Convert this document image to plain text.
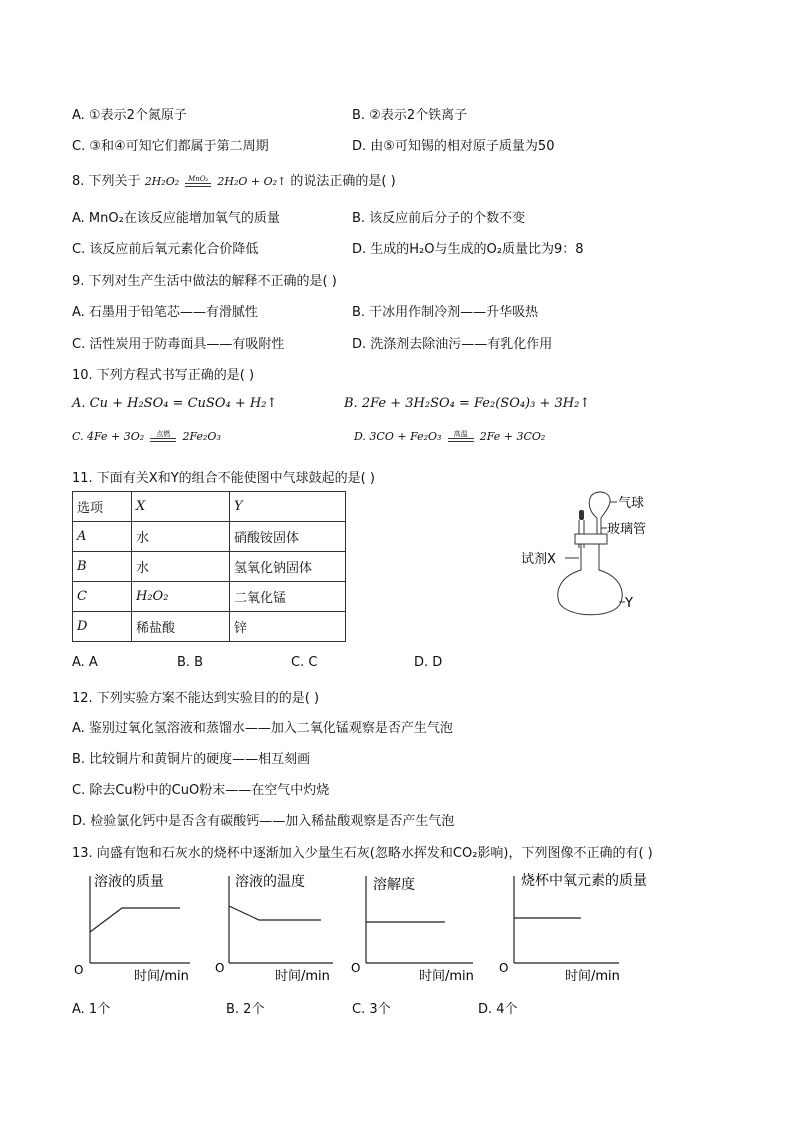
A. ①表示2个氮原子	B. ②表示2个铁离子
C. ③和④可知它们都属于第二周期	D. 由⑤可知锡的相对原子质量为50
8. 下列关于 2H₂O₂ MnO₂ 2H₂O + O₂↑ 的说法正确的是( )
A. MnO₂在该反应能增加氧气的质量	B. 该反应前后分子的个数不变
C. 该反应前后氧元素化合价降低	D. 生成的H₂O与生成的O₂质量比为9：8
9. 下列对生产生活中做法的解释不正确的是( )
A. 石墨用于铅笔芯——有滑腻性	B. 干冰用作制冷剂——升华吸热
C. 活性炭用于防毒面具——有吸附性	D. 洗涤剂去除油污——有乳化作用
10. 下列方程式书写正确的是( )
A. Cu + H₂SO₄ = CuSO₄ + H₂↑	B. 2Fe + 3H₂SO₄ = Fe₂(SO₄)₃ + 3H₂↑
C. 4Fe + 3O₂ 点燃 2Fe₂O₃	D. 3CO + Fe₂O₃ 高温 2Fe + 3CO₂
11. 下面有关X和Y的组合不能使图中气球鼓起的是( )
选项	X	Y
A	水	硝酸铵固体
B	水	氢氧化钠固体
C	H₂O₂	二氧化锰
D	稀盐酸	锌
气球
玻璃管
试剂X
Y
A. A	B. B	C. C	D. D
12. 下列实验方案不能达到实验目的的是( )
A. 鉴别过氧化氢溶液和蒸馏水——加入二氧化锰观察是否产生气泡
B. 比较铜片和黄铜片的硬度——相互刻画
C. 除去Cu粉中的CuO粉末——在空气中灼烧
D. 检验氯化钙中是否含有碳酸钙——加入稀盐酸观察是否产生气泡
13. 向盛有饱和石灰水的烧杯中逐渐加入少量生石灰(忽略水挥发和CO₂影响)，下列图像不正确的有( )
溶液的质量
O	时间/min
溶液的温度
O
时间/min
溶解度
O
时间/min
烧杯中氧元素的质量
O
时间/min
A. 1个	B. 2个	C. 3个	D. 4个
